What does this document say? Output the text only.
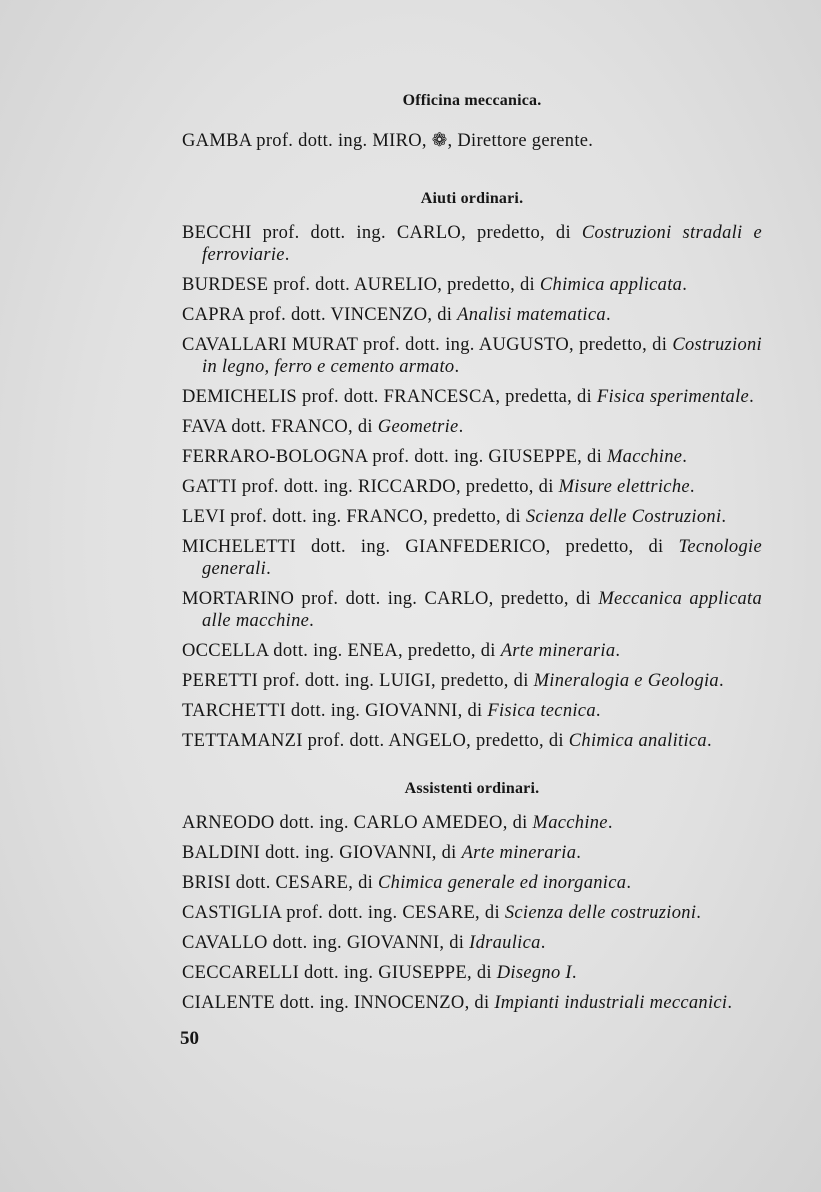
Officina meccanica.

GAMBA prof. dott. ing. MIRO, ❁, Direttore gerente.

Aiuti ordinari.

BECCHI prof. dott. ing. CARLO, predetto, di Costruzioni stradali e ferroviarie.

BURDESE prof. dott. AURELIO, predetto, di Chimica applicata.

CAPRA prof. dott. VINCENZO, di Analisi matematica.

CAVALLARI MURAT prof. dott. ing. AUGUSTO, predetto, di Costruzioni in legno, ferro e cemento armato.

DEMICHELIS prof. dott. FRANCESCA, predetta, di Fisica sperimentale.

FAVA dott. FRANCO, di Geometrie.

FERRARO-BOLOGNA prof. dott. ing. GIUSEPPE, di Macchine.

GATTI prof. dott. ing. RICCARDO, predetto, di Misure elettriche.

LEVI prof. dott. ing. FRANCO, predetto, di Scienza delle Costruzioni.

MICHELETTI dott. ing. GIANFEDERICO, predetto, di Tecnologie generali.

MORTARINO prof. dott. ing. CARLO, predetto, di Meccanica applicata alle macchine.

OCCELLA dott. ing. ENEA, predetto, di Arte mineraria.

PERETTI prof. dott. ing. LUIGI, predetto, di Mineralogia e Geologia.

TARCHETTI dott. ing. GIOVANNI, di Fisica tecnica.

TETTAMANZI prof. dott. ANGELO, predetto, di Chimica analitica.

Assistenti ordinari.

ARNEODO dott. ing. CARLO AMEDEO, di Macchine.

BALDINI dott. ing. GIOVANNI, di Arte mineraria.

BRISI dott. CESARE, di Chimica generale ed inorganica.

CASTIGLIA prof. dott. ing. CESARE, di Scienza delle costruzioni.

CAVALLO dott. ing. GIOVANNI, di Idraulica.

CECCARELLI dott. ing. GIUSEPPE, di Disegno I.

CIALENTE dott. ing. INNOCENZO, di Impianti industriali meccanici.

50
